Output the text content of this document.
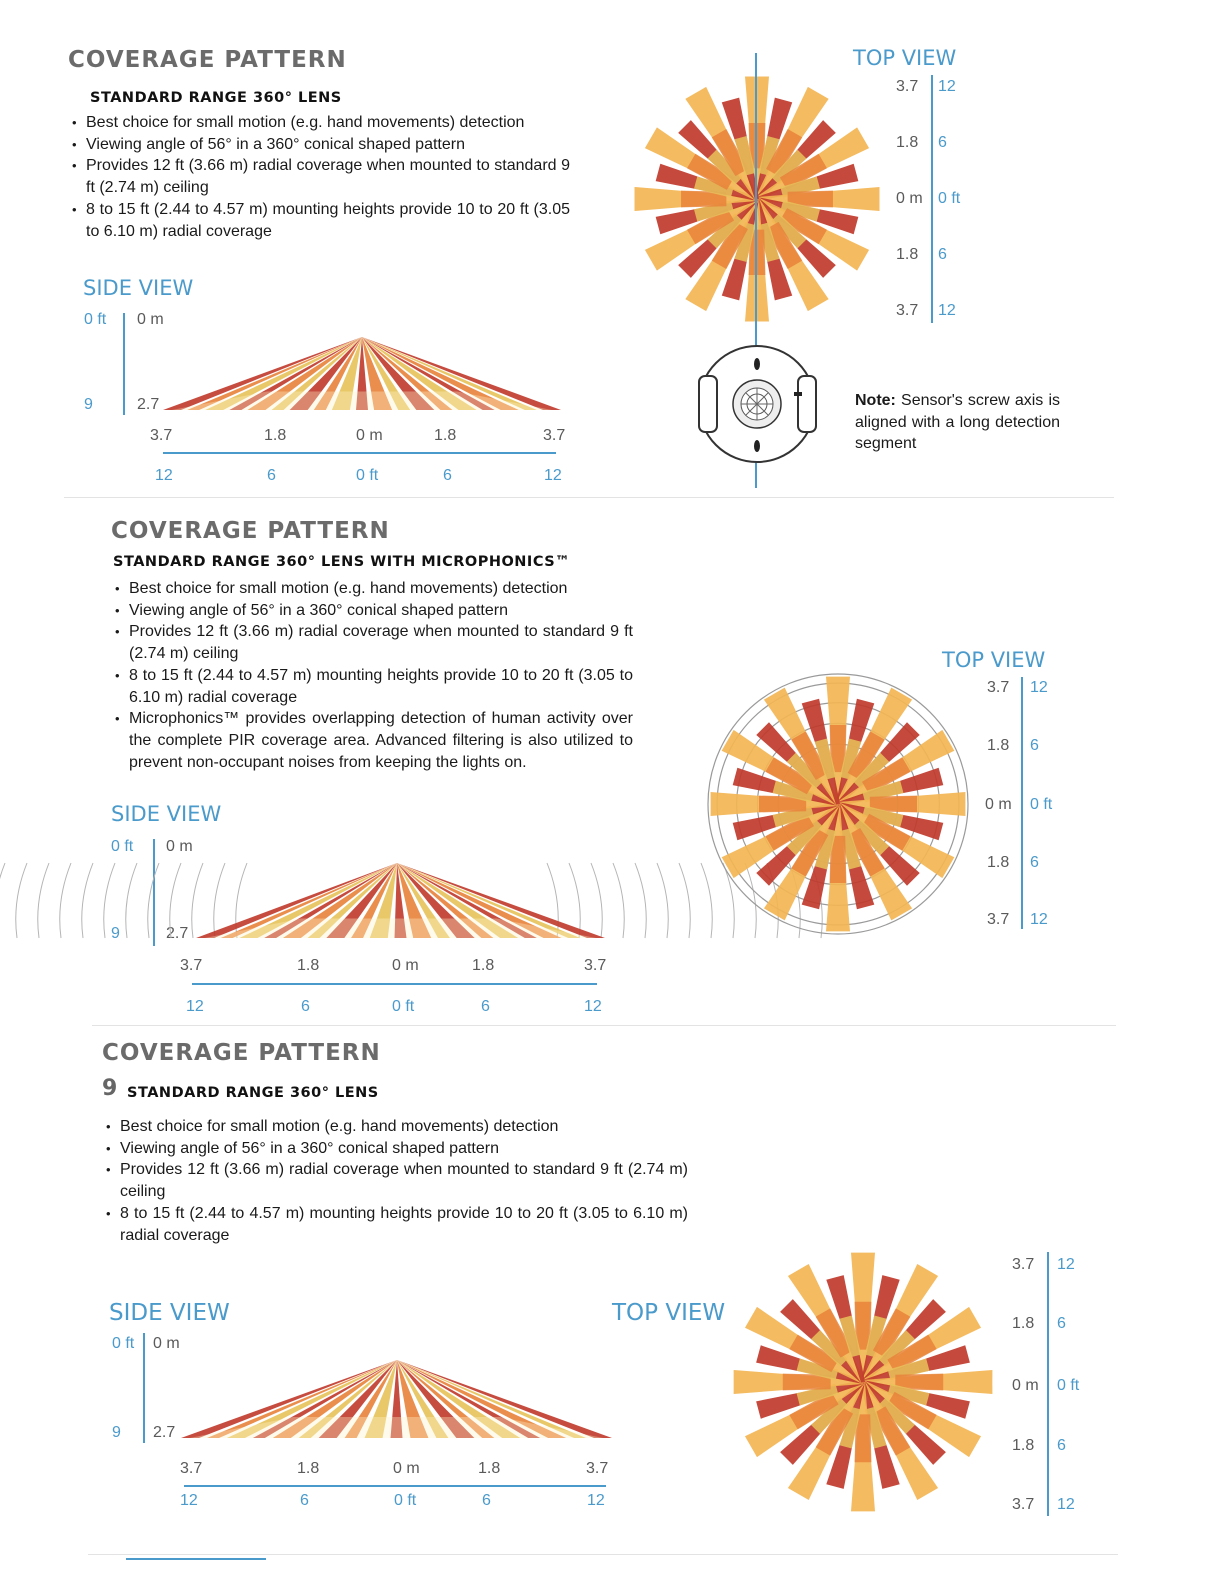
COVERAGE PATTERN
STANDARD RANGE 360° LENS
• Best choice for small motion (e.g. hand movements) detection
• Viewing angle of 56° in a 360° conical shaped pattern
• Provides 12 ft (3.66 m) radial coverage when mounted to standard 9 ft (2.74 m) ceiling
• 8 to 15 ft (2.44 to 4.57 m) mounting heights provide 10 to 20 ft (3.05 to 6.10 m) radial coverage
SIDE VIEW
0 ft 0 m
9	2.7
3.7	1.8	0 m	1.8	3.7
12	6	0 ft	6	12
TOP VIEW
3.7
1.8
0 m
1.8
3.7
12
6
0 ft
6
12
Note: Sensor's screw axis is aligned with a long detection segment
COVERAGE PATTERN
STANDARD RANGE 360° LENS WITH MICROPHONICS™
• Best choice for small motion (e.g. hand movements) detection
• Viewing angle of 56° in a 360° conical shaped pattern
• Provides 12 ft (3.66 m) radial coverage when mounted to standard 9 ft (2.74 m) ceiling
• 8 to 15 ft (2.44 to 4.57 m) mounting heights provide 10 to 20 ft (3.05 to 6.10 m) radial coverage
• Microphonics™ provides overlapping detection of human activity over the complete PIR coverage area. Advanced filtering is also utilized to prevent non-occupant noises from keeping the lights on.
SIDE VIEW
0 ft 0 m
9	2.7
3.7	1.8	0 m	1.8	3.7
12	6	0 ft	6	12
TOP VIEW
3.7
1.8
0 m
1.8
3.7
12
6
0 ft
6
12
COVERAGE PATTERN
9 STANDARD RANGE 360° LENS
• Best choice for small motion (e.g. hand movements) detection
• Viewing angle of 56° in a 360° conical shaped pattern
• Provides 12 ft (3.66 m) radial coverage when mounted to standard 9 ft (2.74 m) ceiling
• 8 to 15 ft (2.44 to 4.57 m) mounting heights provide 10 to 20 ft (3.05 to 6.10 m) radial coverage
SIDE VIEW
0 ft 0 m
9 2.7
3.7	1.8	0 m	1.8	3.7
12	6	0 ft	6	12
TOP VIEW
3.7
1.8
0 m
1.8
3.7
12
6
0 ft
6
12
